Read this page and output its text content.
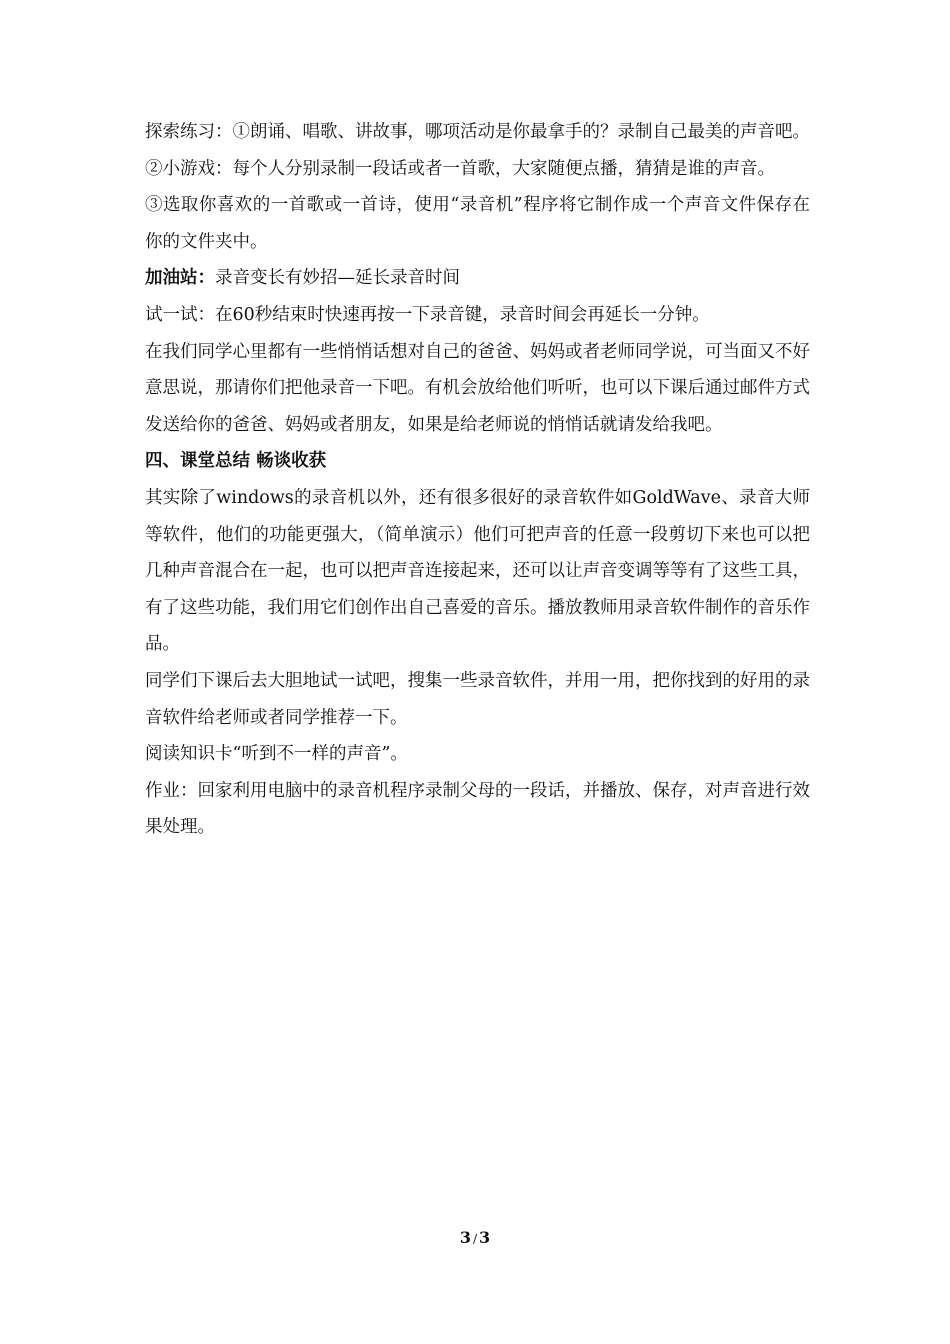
探索练习：①朗诵、唱歌、讲故事，哪项活动是你最拿手的？录制自己最美的声音吧。

②小游戏：每个人分别录制一段话或者一首歌，大家随便点播，猜猜是谁的声音。

③选取你喜欢的一首歌或一首诗，使用“录音机”程序将它制作成一个声音文件保存在你的文件夹中。

加油站：录音变长有妙招—延长录音时间

试一试：在60秒结束时快速再按一下录音键，录音时间会再延长一分钟。

在我们同学心里都有一些悄悄话想对自己的爸爸、妈妈或者老师同学说，可当面又不好意思说，那请你们把他录音一下吧。有机会放给他们听听，也可以下课后通过邮件方式发送给你的爸爸、妈妈或者朋友，如果是给老师说的悄悄话就请发给我吧。

四、课堂总结 畅谈收获

其实除了windows的录音机以外，还有很多很好的录音软件如GoldWave、录音大师等软件，他们的功能更强大，（简单演示）他们可把声音的任意一段剪切下来也可以把几种声音混合在一起，也可以把声音连接起来，还可以让声音变调等等有了这些工具，有了这些功能，我们用它们创作出自己喜爱的音乐。播放教师用录音软件制作的音乐作品。

同学们下课后去大胆地试一试吧，搜集一些录音软件，并用一用，把你找到的好用的录音软件给老师或者同学推荐一下。

阅读知识卡“听到不一样的声音”。

作业：回家利用电脑中的录音机程序录制父母的一段话，并播放、保存，对声音进行效果处理。

3 / 3
